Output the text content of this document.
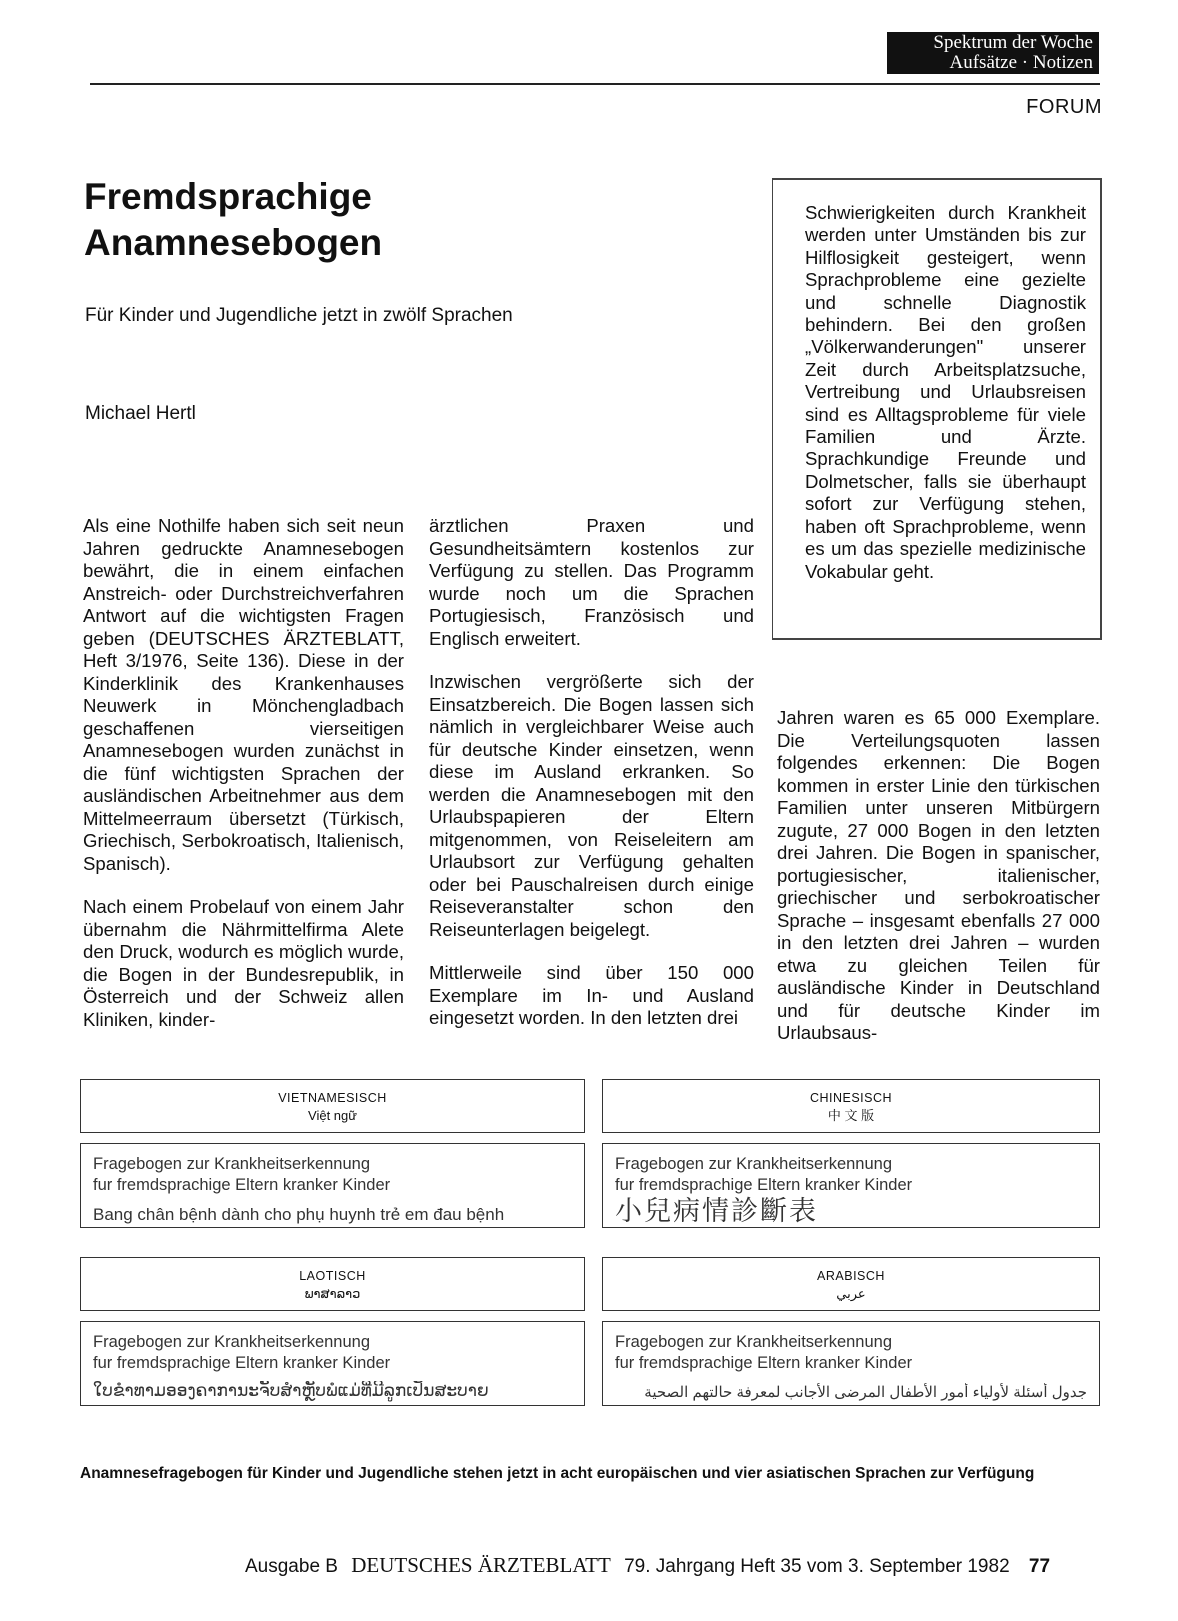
Spektrum der Woche
Aufsätze · Notizen
FORUM
Fremdsprachige
Anamnesebogen
Für Kinder und Jugendliche jetzt in zwölf Sprachen
Michael Hertl
Schwierigkeiten durch Krankheit werden unter Umständen bis zur Hilflosigkeit gesteigert, wenn Sprachprobleme eine gezielte und schnelle Diagnostik behindern. Bei den großen „Völkerwanderungen" unserer Zeit durch Arbeitsplatzsuche, Vertreibung und Urlaubsreisen sind es Alltagsprobleme für viele Familien und Ärzte. Sprachkundige Freunde und Dolmetscher, falls sie überhaupt sofort zur Verfügung stehen, haben oft Sprachprobleme, wenn es um das spezielle medizinische Vokabular geht.

Als eine Nothilfe haben sich seit neun Jahren gedruckte Anamnesebogen bewährt, die in einem einfachen Anstreich- oder Durchstreichverfahren Antwort auf die wichtigsten Fragen geben (DEUTSCHES ÄRZTEBLATT, Heft 3/1976, Seite 136). Diese in der Kinderklinik des Krankenhauses Neuwerk in Mönchengladbach geschaffenen vierseitigen Anamnesebogen wurden zunächst in die fünf wichtigsten Sprachen der ausländischen Arbeitnehmer aus dem Mittelmeerraum übersetzt (Türkisch, Griechisch, Serbokroatisch, Italienisch, Spanisch).

Nach einem Probelauf von einem Jahr übernahm die Nährmittelfirma Alete den Druck, wodurch es möglich wurde, die Bogen in der Bundesrepublik, in Österreich und der Schweiz allen Kliniken, kinder-

ärztlichen Praxen und Gesundheitsämtern kostenlos zur Verfügung zu stellen. Das Programm wurde noch um die Sprachen Portugiesisch, Französisch und Englisch erweitert.

Inzwischen vergrößerte sich der Einsatzbereich. Die Bogen lassen sich nämlich in vergleichbarer Weise auch für deutsche Kinder einsetzen, wenn diese im Ausland erkranken. So werden die Anamnesebogen mit den Urlaubspapieren der Eltern mitgenommen, von Reiseleitern am Urlaubsort zur Verfügung gehalten oder bei Pauschalreisen durch einige Reiseveranstalter schon den Reiseunterlagen beigelegt.

Mittlerweile sind über 150 000 Exemplare im In- und Ausland eingesetzt worden. In den letzten drei

Jahren waren es 65 000 Exemplare. Die Verteilungsquoten lassen folgendes erkennen: Die Bogen kommen in erster Linie den türkischen Familien unter unseren Mitbürgern zugute, 27 000 Bogen in den letzten drei Jahren. Die Bogen in spanischer, portugiesischer, italienischer, griechischer und serbokroatischer Sprache – insgesamt ebenfalls 27 000 in den letzten drei Jahren – wurden etwa zu gleichen Teilen für ausländische Kinder in Deutschland und für deutsche Kinder im Urlaubsaus-

VIETNAMESISCH
Việt ngữ
Fragebogen zur Krankheitserkennung
fur fremdsprachige Eltern kranker Kinder
Bang chân bệnh dành cho phụ huynh trẻ em đau bệnh
CHINESISCH
中 文 版
Fragebogen zur Krankheitserkennung
fur fremdsprachige Eltern kranker Kinder
小兒病情診斷表
LAOTISCH
ພາສາລາວ
Fragebogen zur Krankheitserkennung
fur fremdsprachige Eltern kranker Kinder
ໃບຂໍາທາມອອງຄາການະຈັບສໍາຫຼັບພໍແມ່ທີ່ມີລູກເປັນສະບາຍ
ARABISCH
عربي
Fragebogen zur Krankheitserkennung
fur fremdsprachige Eltern kranker Kinder
جدول أسئلة لأولياء أمور الأطفال المرضى الأجانب لمعرفة حالتهم الصحية
Anamnesefragebogen für Kinder und Jugendliche stehen jetzt in acht europäischen und vier asiatischen Sprachen zur Verfügung
Ausgabe B DEUTSCHES ÄRZTEBLATT 79. Jahrgang Heft 35 vom 3. September 1982 77
